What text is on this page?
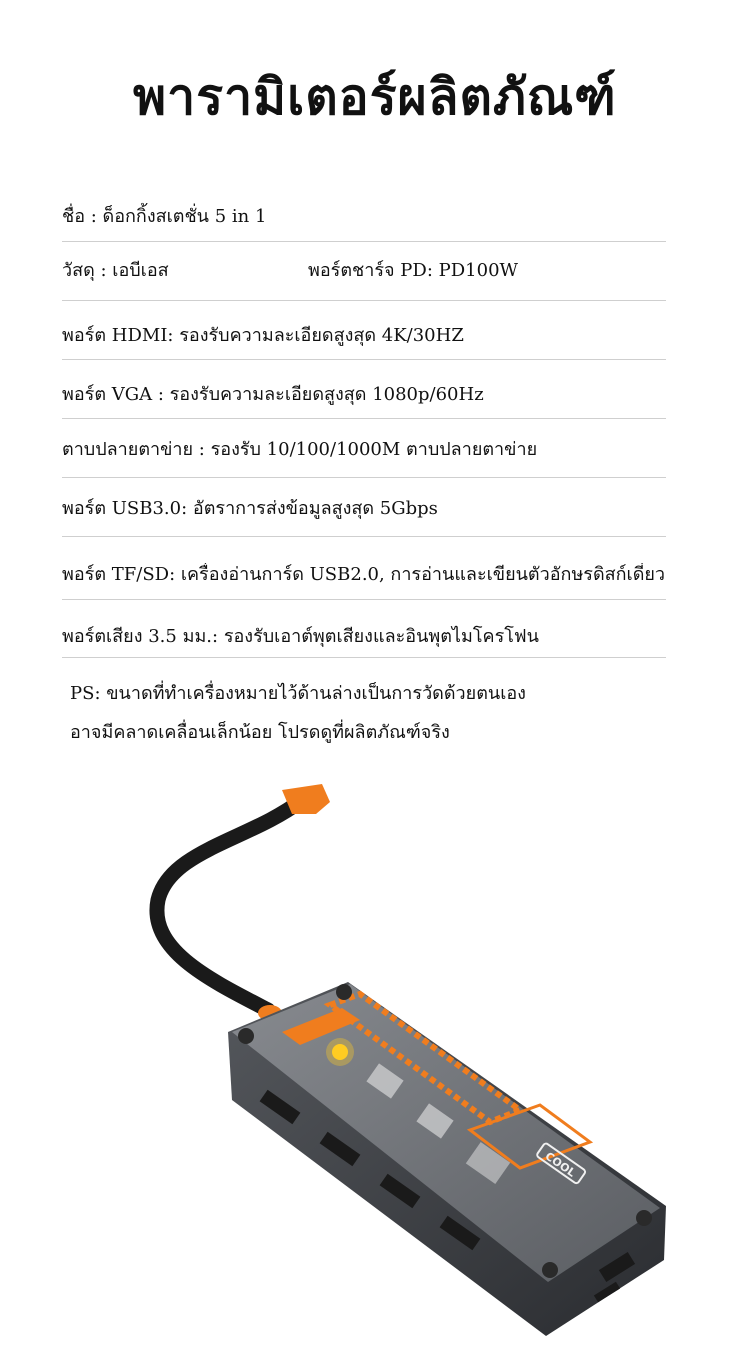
พารามิเตอร์ผลิตภัณฑ์
ชื่อ : ด็อกกิ้งสเตชั่น 5 in 1
วัสดุ : เอบีเอส	พอร์ตชาร์จ PD: PD100W
พอร์ต HDMI: รองรับความละเอียดสูงสุด 4K/30HZ
พอร์ต VGA : รองรับความละเอียดสูงสุด 1080p/60Hz
ตาบปลายตาข่าย : รองรับ 10/100/1000M ตาบปลายตาข่าย
พอร์ต USB3.0: อัตราการส่งข้อมูลสูงสุด 5Gbps
พอร์ต TF/SD: เครื่องอ่านการ์ด USB2.0, การอ่านและเขียนตัวอักษรดิสก์เดี่ยว
พอร์ตเสียง 3.5 มม.: รองรับเอาต์พุตเสียงและอินพุตไมโครโฟน
PS: ขนาดที่ทำเครื่องหมายไว้ด้านล่างเป็นการวัดด้วยตนเอง
อาจมีคลาดเคลื่อนเล็กน้อย โปรดดูที่ผลิตภัณฑ์จริง
COOL
